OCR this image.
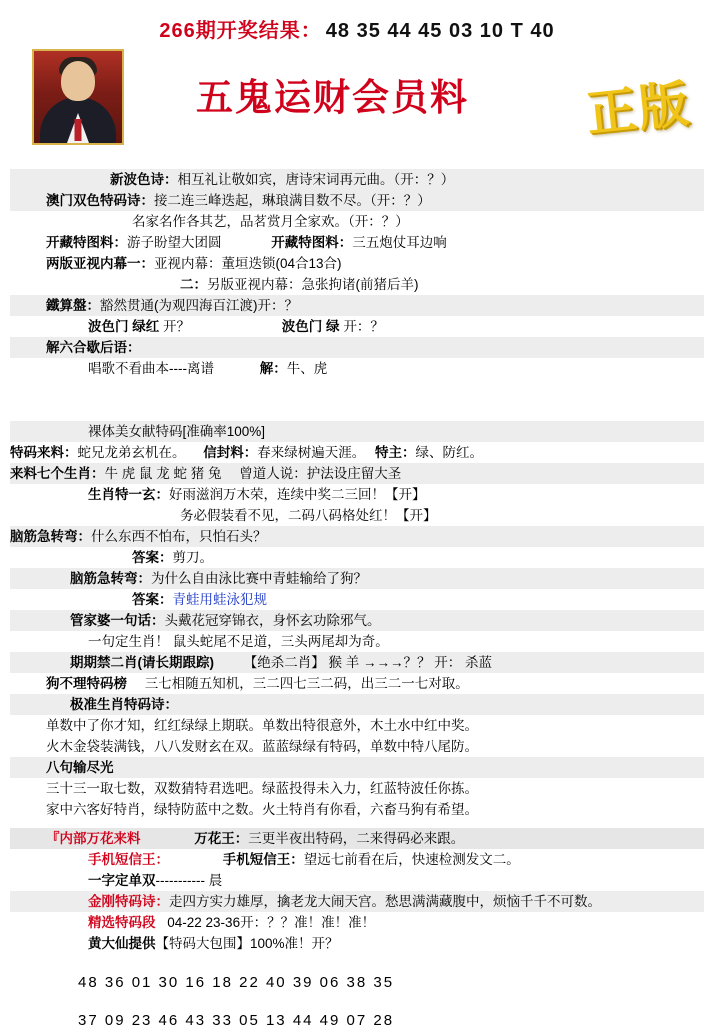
266期开奖结果： 48 35 44 45 03 10 T 40
五鬼运财会员料 正版
新波色诗：相互礼让敬如宾，唐诗宋词再元曲。（开：？）
澳门双色特码诗：接二连三峰迭起，琳琅满目数不尽。（开：？）
名家名作各其艺，品茗赏月全家欢。（开：？）
开藏特图料：游子盼望大团圆	开藏特图料：三五炮仗耳边响
两版亚视内幕一：亚视内幕：董垣迭锁(04合13合)
二：另版亚视内幕：急张拘诸(前猪后羊)
鐵算盤：豁然贯通(为观四海百江渡)开：？
波色门 绿红 开？	波色门 绿 开：？
解六合歇后语：
唱歌不看曲本----离谱	解：牛、虎
裸体美女献特码[准确率100%]
特码来料：蛇兄龙弟玄机在。 信封料：春来绿树遍天涯。 特主：绿、防红。
来料七个生肖：牛 虎 鼠 龙 蛇 猪 兔 曾道人说：护法设庄留大圣
生肖特一玄：好雨滋润万木荣，连续中奖二三回！【开】
务必假装看不见，二码八码格处红！【开】
脑筋急转弯：什么东西不怕布，只怕石头？
答案：剪刀。
脑筋急转弯：为什么自由泳比赛中青蛙输给了狗？
答案：青蛙用蛙泳犯规
管家婆一句话：头戴花冠穿锦衣，身怀玄功除邪气。
一句定生肖！ 鼠头蛇尾不足道，三头两尾却为奇。
期期禁二肖(请长期跟踪) 【绝杀二肖】 猴 羊 →→→？？ 开： 杀蓝
狗不理特码榜 三七相随五知机，三二四七三二码，出三二一七对取。
极准生肖特码诗：
单数中了你才知，红红绿绿上期联。单数出特很意外，木土水中红中奖。
火木金袋装满钱，八八发财玄在双。蓝蓝绿绿有特码，单数中特八尾防。
八句输尽光
三十三一取七数，双数猜特君选吧。绿蓝投得未入力，红蓝特波任你拣。
家中六客好特肖，绿特防蓝中之数。火土特肖有你看，六畜马狗有希望。
『内部万花来料	万花王：三更半夜出特码，二来得码必来跟。
手机短信王：	手机短信王：望远七前看在后，快速检测发文二。
一字定单双----------- 晨
金刚特码诗：走四方实力雄厚，擒老龙大闹天宫。愁思满满藏腹中，烦恼千千不可数。
精选特码段 04-22 23-36开：？？准！准！准！
黄大仙提供【特码大包围】100%准！开？
48 36 01 30 16 18 22 40 39 06 38 35
37 09 23 46 43 33 05 13 44 49 07 28
